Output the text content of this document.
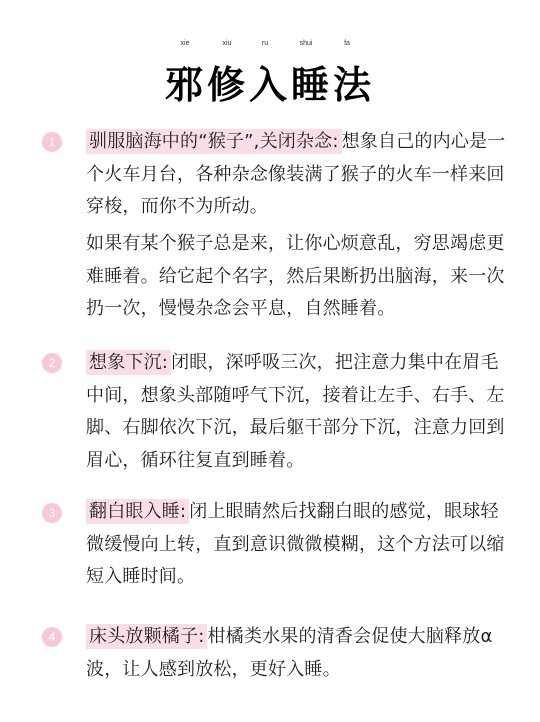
xie	xiu	ru	shui	fa
邪修入睡法
1	驯服脑海中的“猴子”,关闭杂念: 想象自己的内心是一个火车月台，各种杂念像装满了猴子的火车一样来回穿梭，而你不为所动。
如果有某个猴子总是来，让你心烦意乱，穷思竭虑更难睡着。给它起个名字，然后果断扔出脑海，来一次扔一次，慢慢杂念会平息，自然睡着。
2	想象下沉: 闭眼，深呼吸三次，把注意力集中在眉毛中间，想象头部随呼气下沉，接着让左手、右手、左脚、右脚依次下沉，最后躯干部分下沉，注意力回到眉心，循环往复直到睡着。
3	翻白眼入睡: 闭上眼睛然后找翻白眼的感觉，眼球轻微缓慢向上转，直到意识微微模糊，这个方法可以缩短入睡时间。
4	床头放颗橘子: 柑橘类水果的清香会促使大脑释放α波，让人感到放松，更好入睡。
